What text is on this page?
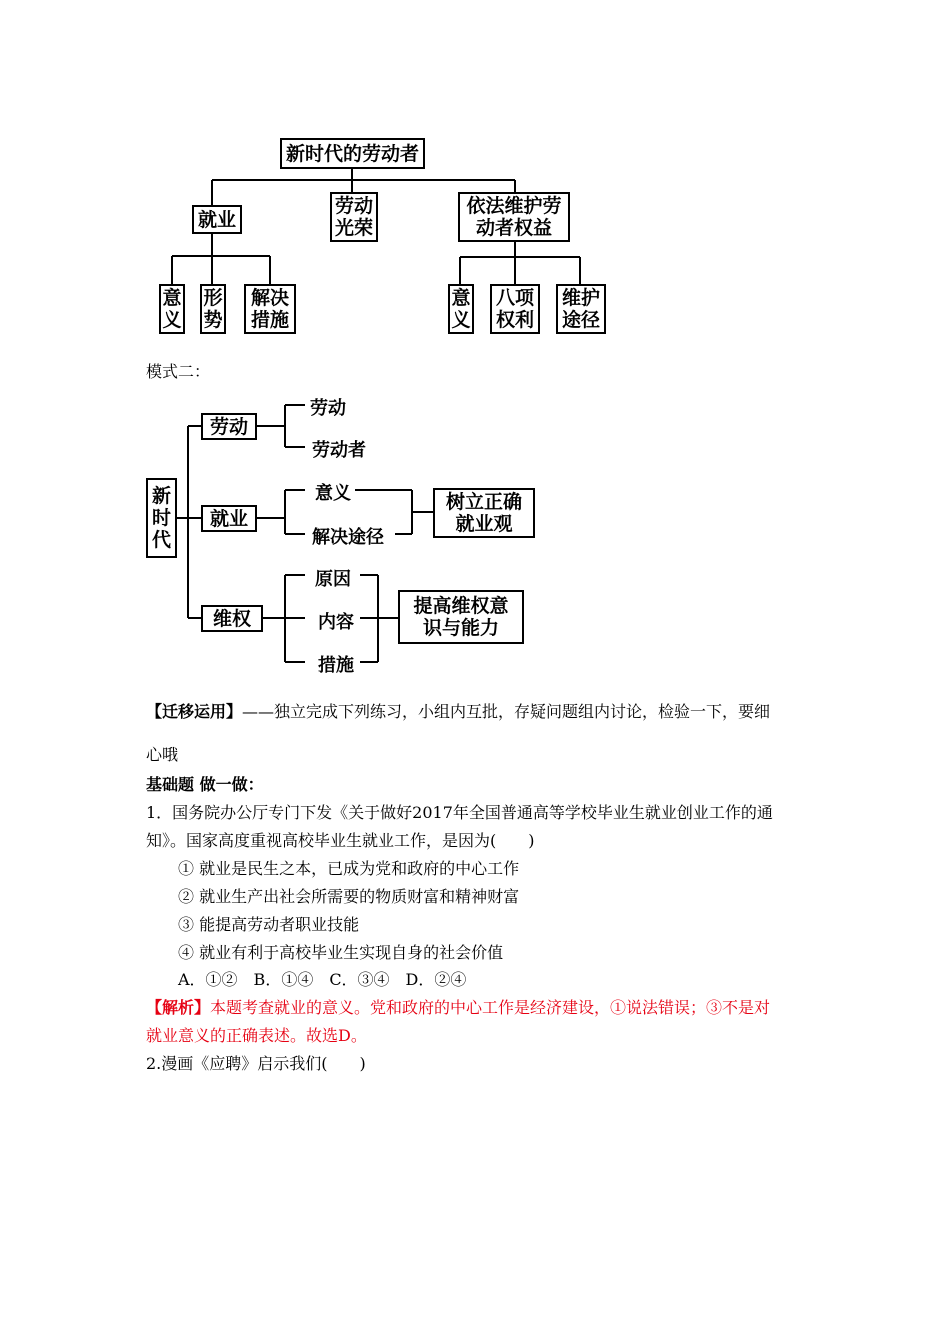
新时代的劳动者
就业
劳动光荣
依法维护劳动者权益
意义
形势
解决措施
意义
八项权利
维护途径
模式二：
新时代
劳动
就业
维权
劳动
劳动者
意义
解决途径
树立正确就业观
原因
内容
措施
提高维权意识与能力
【迁移运用】——独立完成下列练习，小组内互批，存疑问题组内讨论，检验一下，要细
心哦
基础题 做一做：
1．国务院办公厅专门下发《关于做好2017年全国普通高等学校毕业生就业创业工作的通
知》。国家高度重视高校毕业生就业工作，是因为(　　)
① 就业是民生之本，已成为党和政府的中心工作
② 就业生产出社会所需要的物质财富和精神财富
③ 能提高劳动者职业技能
④ 就业有利于高校毕业生实现自身的社会价值
A．①②　B．①④　C．③④　D．②④
【解析】本题考查就业的意义。党和政府的中心工作是经济建设，①说法错误；③不是对
就业意义的正确表述。故选D。
2.漫画《应聘》启示我们(　　)
